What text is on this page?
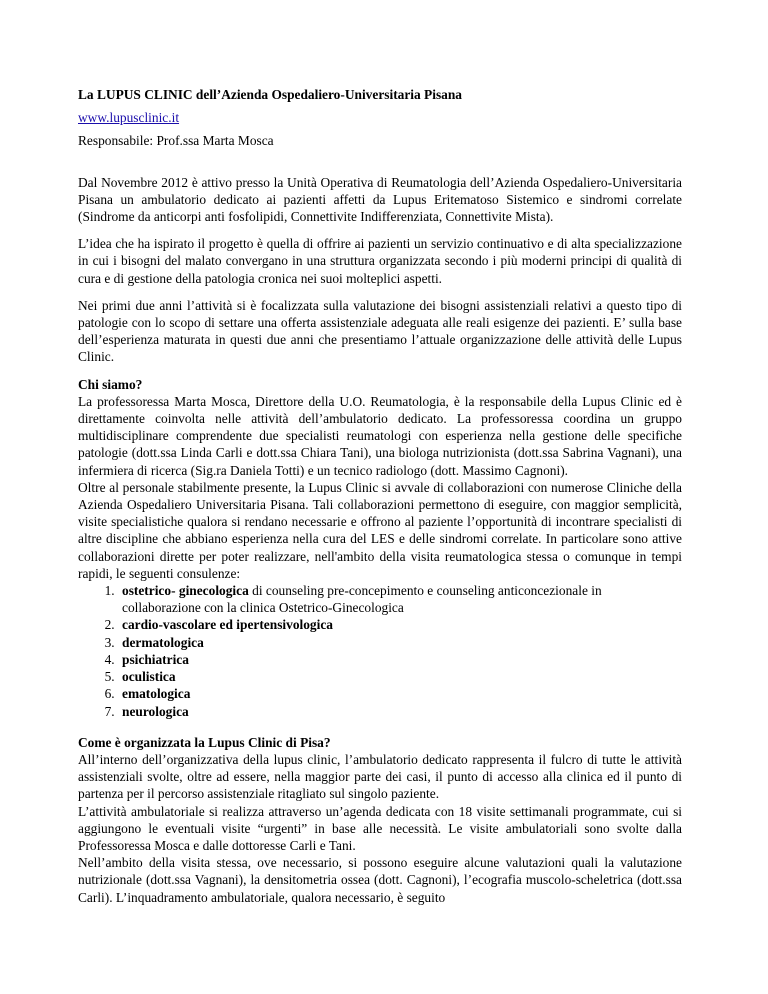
La LUPUS CLINIC dell’Azienda Ospedaliero-Universitaria Pisana

www.lupusclinic.it

Responsabile: Prof.ssa Marta Mosca

Dal Novembre 2012 è attivo presso la Unità Operativa di Reumatologia dell’Azienda Ospedaliero-Universitaria Pisana un ambulatorio dedicato ai pazienti affetti da Lupus Eritematoso Sistemico e sindromi correlate (Sindrome da anticorpi anti fosfolipidi, Connettivite Indifferenziata, Connettivite Mista).

L’idea che ha ispirato il progetto è quella di offrire ai pazienti un servizio continuativo e di alta specializzazione in cui i bisogni del malato convergano in una struttura organizzata secondo i più moderni principi di qualità di cura e di gestione della patologia cronica nei suoi molteplici aspetti.

Nei primi due anni l’attività si è focalizzata sulla valutazione dei bisogni assistenziali relativi a questo tipo di patologie con lo scopo di settare una offerta assistenziale adeguata alle reali esigenze dei pazienti. E’ sulla base dell’esperienza maturata in questi due anni che presentiamo l’attuale organizzazione delle attività delle Lupus Clinic.

Chi siamo?

La professoressa Marta Mosca, Direttore della U.O. Reumatologia, è la responsabile della Lupus Clinic ed è direttamente coinvolta nelle attività dell’ambulatorio dedicato. La professoressa coordina un gruppo multidisciplinare comprendente due specialisti reumatologi con esperienza nella gestione delle specifiche patologie (dott.ssa Linda Carli e dott.ssa Chiara Tani), una biologa nutrizionista (dott.ssa Sabrina Vagnani), una infermiera di ricerca (Sig.ra Daniela Totti) e un tecnico radiologo (dott. Massimo Cagnoni).

Oltre al personale stabilmente presente, la Lupus Clinic si avvale di collaborazioni con numerose Cliniche della Azienda Ospedaliero Universitaria Pisana. Tali collaborazioni permettono di eseguire, con maggior semplicità, visite specialistiche qualora si rendano necessarie e offrono al paziente l’opportunità di incontrare specialisti di altre discipline che abbiano esperienza nella cura del LES e delle sindromi correlate. In particolare sono attive collaborazioni dirette per poter realizzare, nell'ambito della visita reumatologica stessa o comunque in tempi rapidi, le seguenti consulenze:

1. ostetrico- ginecologica di counseling pre-concepimento e counseling anticoncezionale in collaborazione con la clinica Ostetrico-Ginecologica
2. cardio-vascolare ed ipertensivologica
3. dermatologica
4. psichiatrica
5. oculistica
6. ematologica
7. neurologica

Come è organizzata la Lupus Clinic di Pisa?

All’interno dell’organizzativa della lupus clinic, l’ambulatorio dedicato rappresenta il fulcro di tutte le attività assistenziali svolte, oltre ad essere, nella maggior parte dei casi, il punto di accesso alla clinica ed il punto di partenza per il percorso assistenziale ritagliato sul singolo paziente.

L’attività ambulatoriale si realizza attraverso un’agenda dedicata con 18 visite settimanali programmate, cui si aggiungono le eventuali visite “urgenti” in base alle necessità. Le visite ambulatoriali sono svolte dalla Professoressa Mosca e dalle dottoresse Carli e Tani.

Nell’ambito della visita stessa, ove necessario, si possono eseguire alcune valutazioni quali la valutazione nutrizionale (dott.ssa Vagnani), la densitometria ossea (dott. Cagnoni), l’ecografia muscolo-scheletrica (dott.ssa Carli). L’inquadramento ambulatoriale, qualora necessario, è seguito
